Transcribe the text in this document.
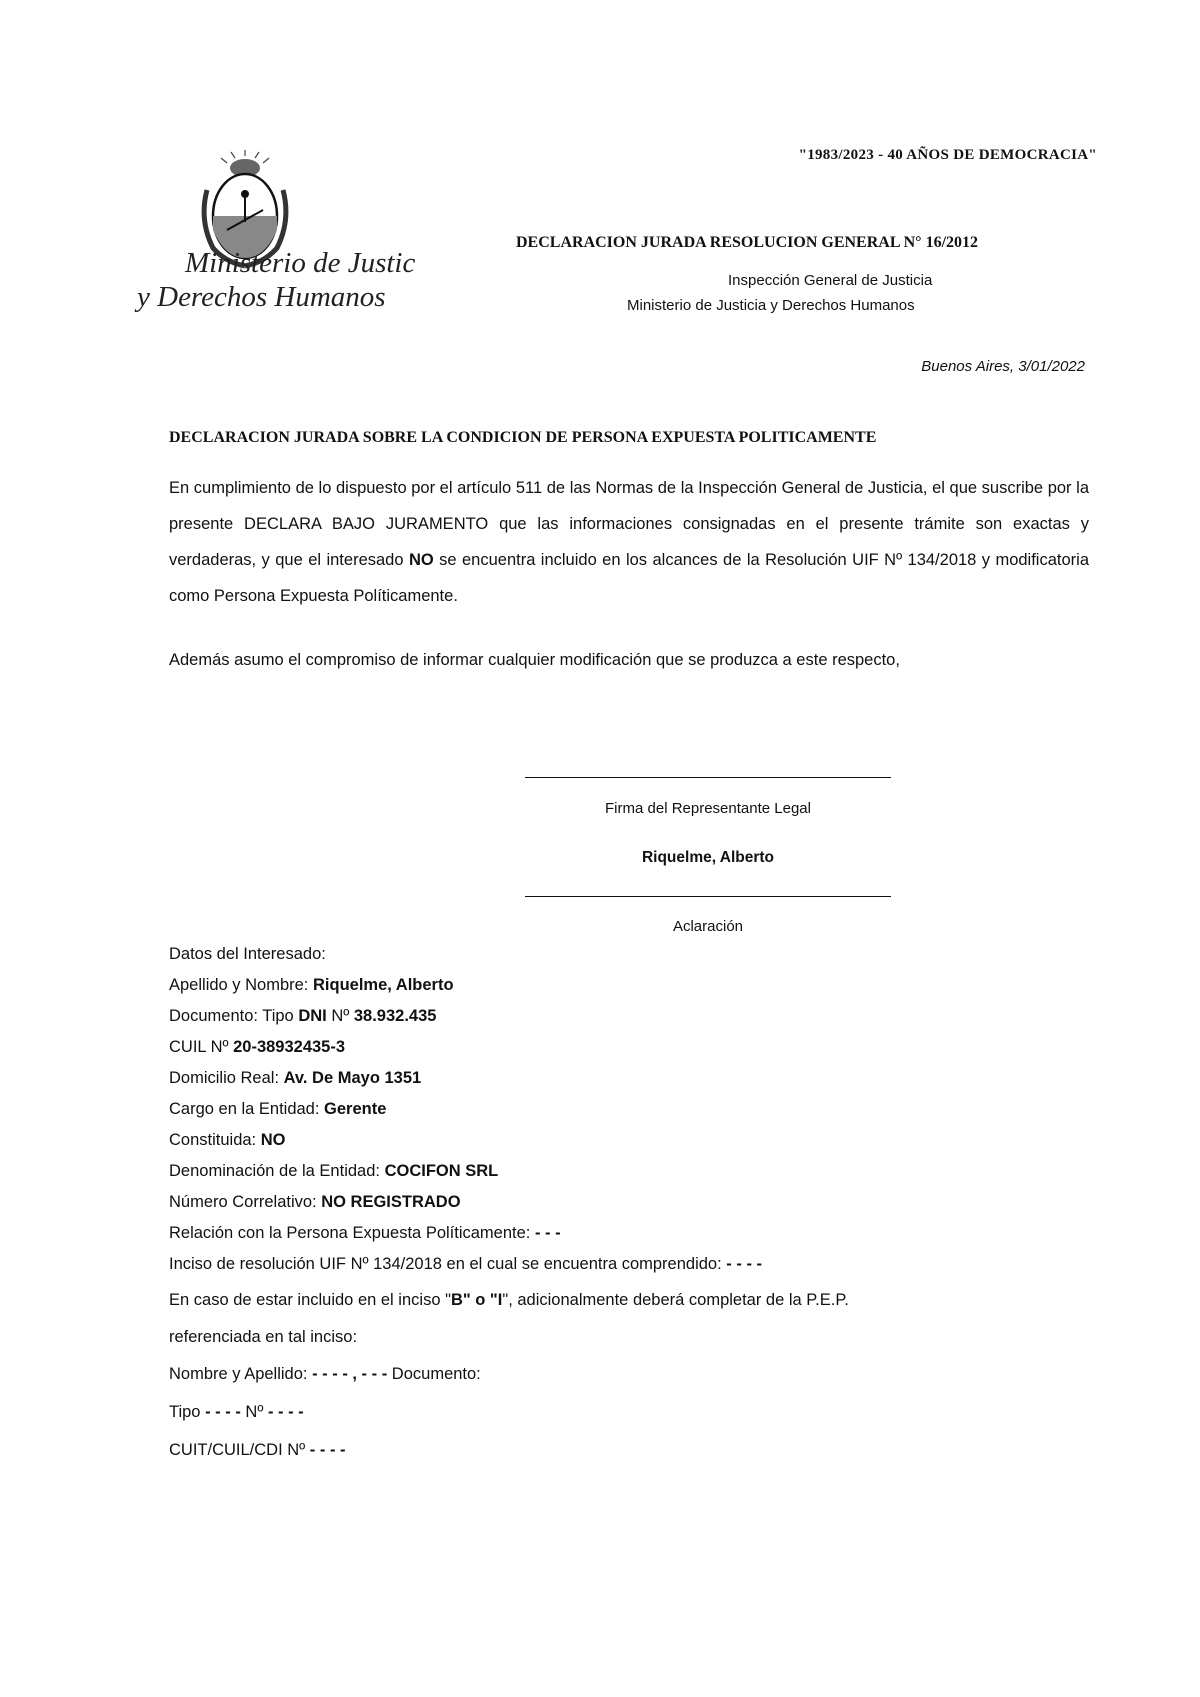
Ministerio de Justicia
y Derechos Humanos
"1983/2023 - 40 AÑOS DE DEMOCRACIA"
DECLARACION JURADA RESOLUCION GENERAL N° 16/2012
Inspección General de Justicia
Ministerio de Justicia y Derechos Humanos
Buenos Aires, 3/01/2022
DECLARACION JURADA SOBRE LA CONDICION DE PERSONA EXPUESTA POLITICAMENTE
En cumplimiento de lo dispuesto por el artículo 511 de las Normas de la Inspección General de Justicia, el que suscribe por la presente DECLARA BAJO JURAMENTO que las informaciones consignadas en el presente trámite son exactas y verdaderas, y que el interesado NO se encuentra incluido en los alcances de la Resolución UIF Nº 134/2018 y modificatoria como Persona Expuesta Políticamente.
Además asumo el compromiso de informar cualquier modificación que se produzca a este respecto,
Firma del Representante Legal
Riquelme, Alberto
Aclaración
Datos del Interesado:
Apellido y Nombre: Riquelme, Alberto
Documento: Tipo DNI Nº 38.932.435
CUIL Nº 20-38932435-3
Domicilio Real: Av. De Mayo 1351
Cargo en la Entidad: Gerente
Constituida: NO
Denominación de la Entidad: COCIFON SRL
Número Correlativo: NO REGISTRADO
Relación con la Persona Expuesta Políticamente: - - -
Inciso de resolución UIF Nº 134/2018 en el cual se encuentra comprendido: - - - -
En caso de estar incluido en el inciso "B" o "I", adicionalmente deberá completar de la P.E.P.
referenciada en tal inciso:
Nombre y Apellido: - - - - , - - - Documento:
Tipo - - - - Nº - - - -
CUIT/CUIL/CDI Nº - - - -
